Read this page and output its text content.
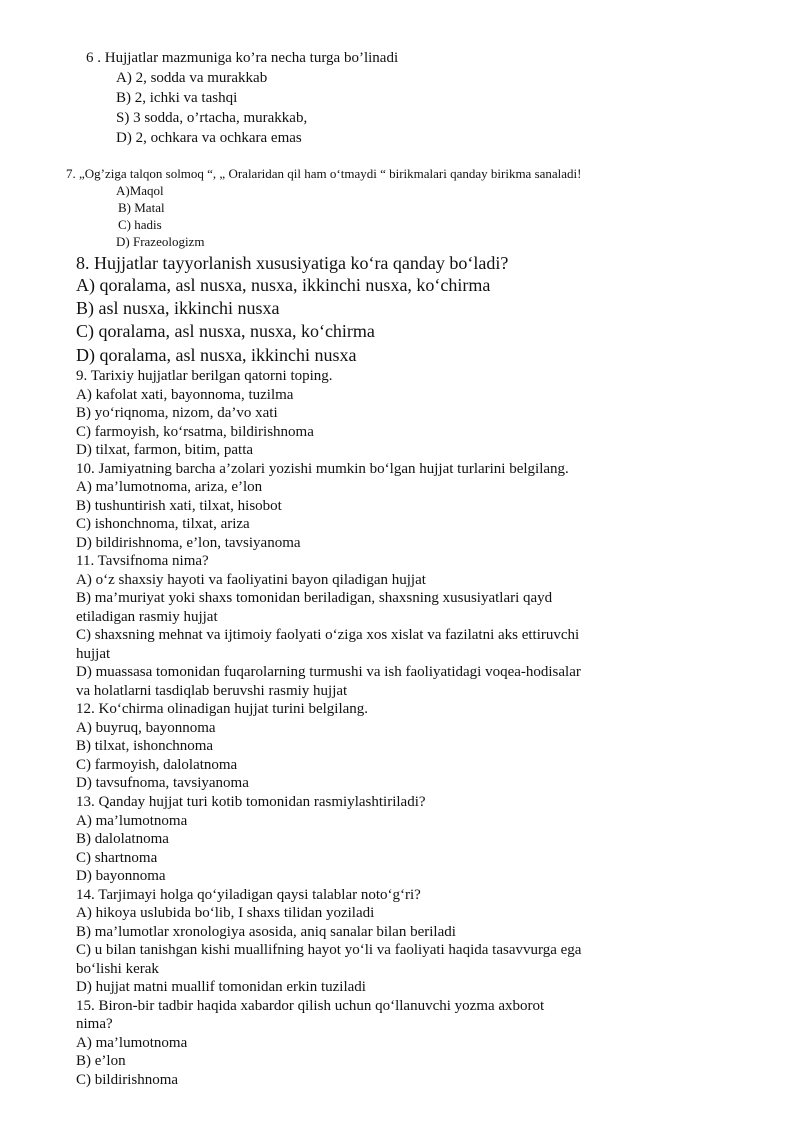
6 . Hujjatlar mazmuniga ko’ra necha turga bo’linadi
A) 2, sodda va murakkab
B) 2, ichki va tashqi
S) 3 sodda, o’rtacha, murakkab,
D) 2, ochkara va ochkara emas
7. „Og’ziga talqon solmoq “, „ Oralaridan qil ham o‘tmaydi “ birikmalari qanday birikma sanaladi!
A)Maqol
B) Matal
C) hadis
D) Frazeologizm
8. Hujjatlar tayyorlanish xususiyatiga ko‘ra qanday bo‘ladi?
A) qoralama, asl nusxa, nusxa, ikkinchi nusxa, ko‘chirma
B) asl nusxa, ikkinchi nusxa
C) qoralama, asl nusxa, nusxa, ko‘chirma
D) qoralama, asl nusxa, ikkinchi nusxa
9. Tarixiy hujjatlar berilgan qatorni toping.
A) kafolat xati, bayonnoma, tuzilma
B) yo‘riqnoma, nizom, da’vo xati
C) farmoyish, ko‘rsatma, bildirishnoma
D) tilxat, farmon, bitim, patta
10. Jamiyatning barcha a’zolari yozishi mumkin bo‘lgan hujjat turlarini belgilang.
A) ma’lumotnoma, ariza, e’lon
B) tushuntirish xati, tilxat, hisobot
C) ishonchnoma, tilxat, ariza
D) bildirishnoma, e’lon, tavsiyanoma
11. Tavsifnoma nima?
A) o‘z shaxsiy hayoti va faoliyatini bayon qiladigan hujjat
B) ma’muriyat yoki shaxs tomonidan beriladigan, shaxsning xususiyatlari qayd
etiladigan rasmiy hujjat
C) shaxsning mehnat va ijtimoiy faolyati o‘ziga xos xislat va fazilatni aks ettiruvchi
hujjat
D) muassasa tomonidan fuqarolarning turmushi va ish faoliyatidagi voqea-hodisalar
va holatlarni tasdiqlab beruvshi rasmiy hujjat
12. Ko‘chirma olinadigan hujjat turini belgilang.
A) buyruq, bayonnoma
B) tilxat, ishonchnoma
C) farmoyish, dalolatnoma
D) tavsufnoma, tavsiyanoma
13. Qanday hujjat turi kotib tomonidan rasmiylashtiriladi?
A) ma’lumotnoma
B) dalolatnoma
C) shartnoma
D) bayonnoma
14. Tarjimayi holga qo‘yiladigan qaysi talablar noto‘g‘ri?
A) hikoya uslubida bo‘lib, I shaxs tilidan yoziladi
B) ma’lumotlar xronologiya asosida, aniq sanalar bilan beriladi
C) u bilan tanishgan kishi muallifning hayot yo‘li va faoliyati haqida tasavvurga ega
bo‘lishi kerak
D) hujjat matni muallif tomonidan erkin tuziladi
15. Biron-bir tadbir haqida xabardor qilish uchun qo‘llanuvchi yozma axborot
nima?
A) ma’lumotnoma
B) e’lon
C) bildirishnoma
